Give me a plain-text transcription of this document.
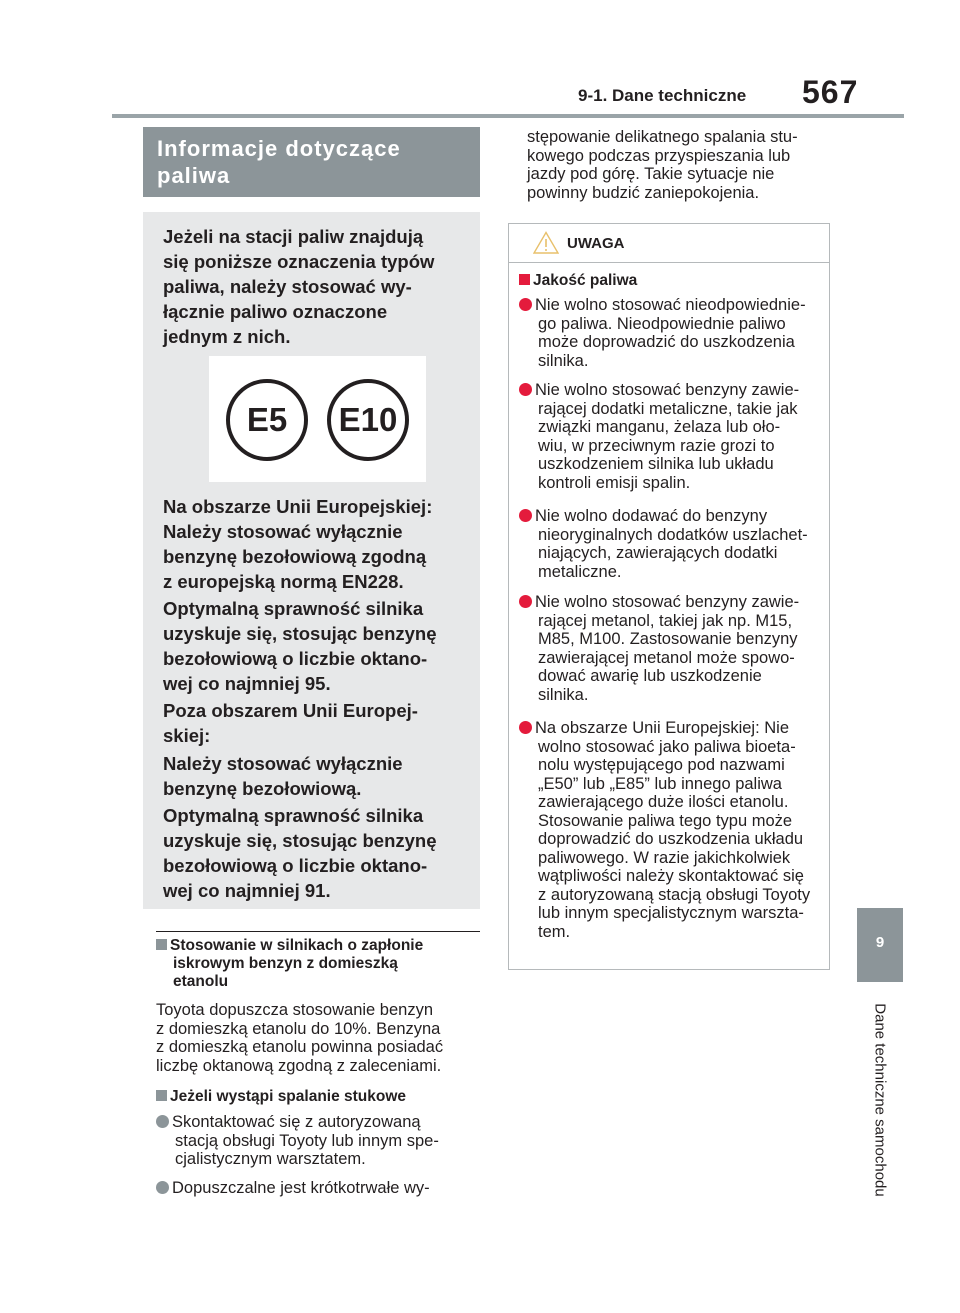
9-1. Dane techniczne 567
9
Dane techniczne samochodu
Informacje dotyczące
paliwa
Jeżeli na stacji paliw znajdują
się poniższe oznaczenia typów
paliwa, należy stosować wy-
łącznie paliwo oznaczone
jednym z nich.
E5	E10
Na obszarze Unii Europejskiej:
Należy stosować wyłącznie
benzynę bezołowiową zgodną
z europejską normą EN228.
Optymalną sprawność silnika
uzyskuje się, stosując benzynę
bezołowiową o liczbie oktano-
wej co najmniej 95.
Poza obszarem Unii Europej-
skiej:
Należy stosować wyłącznie
benzynę bezołowiową.
Optymalną sprawność silnika
uzyskuje się, stosując benzynę
bezołowiową o liczbie oktano-
wej co najmniej 91.
Stosowanie w silnikach o zapłonie
iskrowym benzyn z domieszką
etanolu
Toyota dopuszcza stosowanie benzyn
z domieszką etanolu do 10%. Benzyna
z domieszką etanolu powinna posiadać
liczbę oktanową zgodną z zaleceniami.
Jeżeli wystąpi spalanie stukowe
Skontaktować się z autoryzowaną
stacją obsługi Toyoty lub innym spe-
cjalistycznym warsztatem.
Dopuszczalne jest krótkotrwałe wy-
stępowanie delikatnego spalania stu-
kowego podczas przyspieszania lub
jazdy pod górę. Takie sytuacje nie
powinny budzić zaniepokojenia.
UWAGA
Jakość paliwa
Nie wolno stosować nieodpowiednie-
go paliwa. Nieodpowiednie paliwo
może doprowadzić do uszkodzenia
silnika.
Nie wolno stosować benzyny zawie-
rającej dodatki metaliczne, takie jak
związki manganu, żelaza lub oło-
wiu, w przeciwnym razie grozi to
uszkodzeniem silnika lub układu
kontroli emisji spalin.
Nie wolno dodawać do benzyny
nieoryginalnych dodatków uszlachet-
niających, zawierających dodatki
metaliczne.
Nie wolno stosować benzyny zawie-
rającej metanol, takiej jak np. M15,
M85, M100. Zastosowanie benzyny
zawierającej metanol może spowo-
dować awarię lub uszkodzenie
silnika.
Na obszarze Unii Europejskiej: Nie
wolno stosować jako paliwa bioeta-
nolu występującego pod nazwami
„E50” lub „E85” lub innego paliwa
zawierającego duże ilości etanolu.
Stosowanie paliwa tego typu może
doprowadzić do uszkodzenia układu
paliwowego. W razie jakichkolwiek
wątpliwości należy skontaktować się
z autoryzowaną stacją obsługi Toyoty
lub innym specjalistycznym warszta-
tem.
